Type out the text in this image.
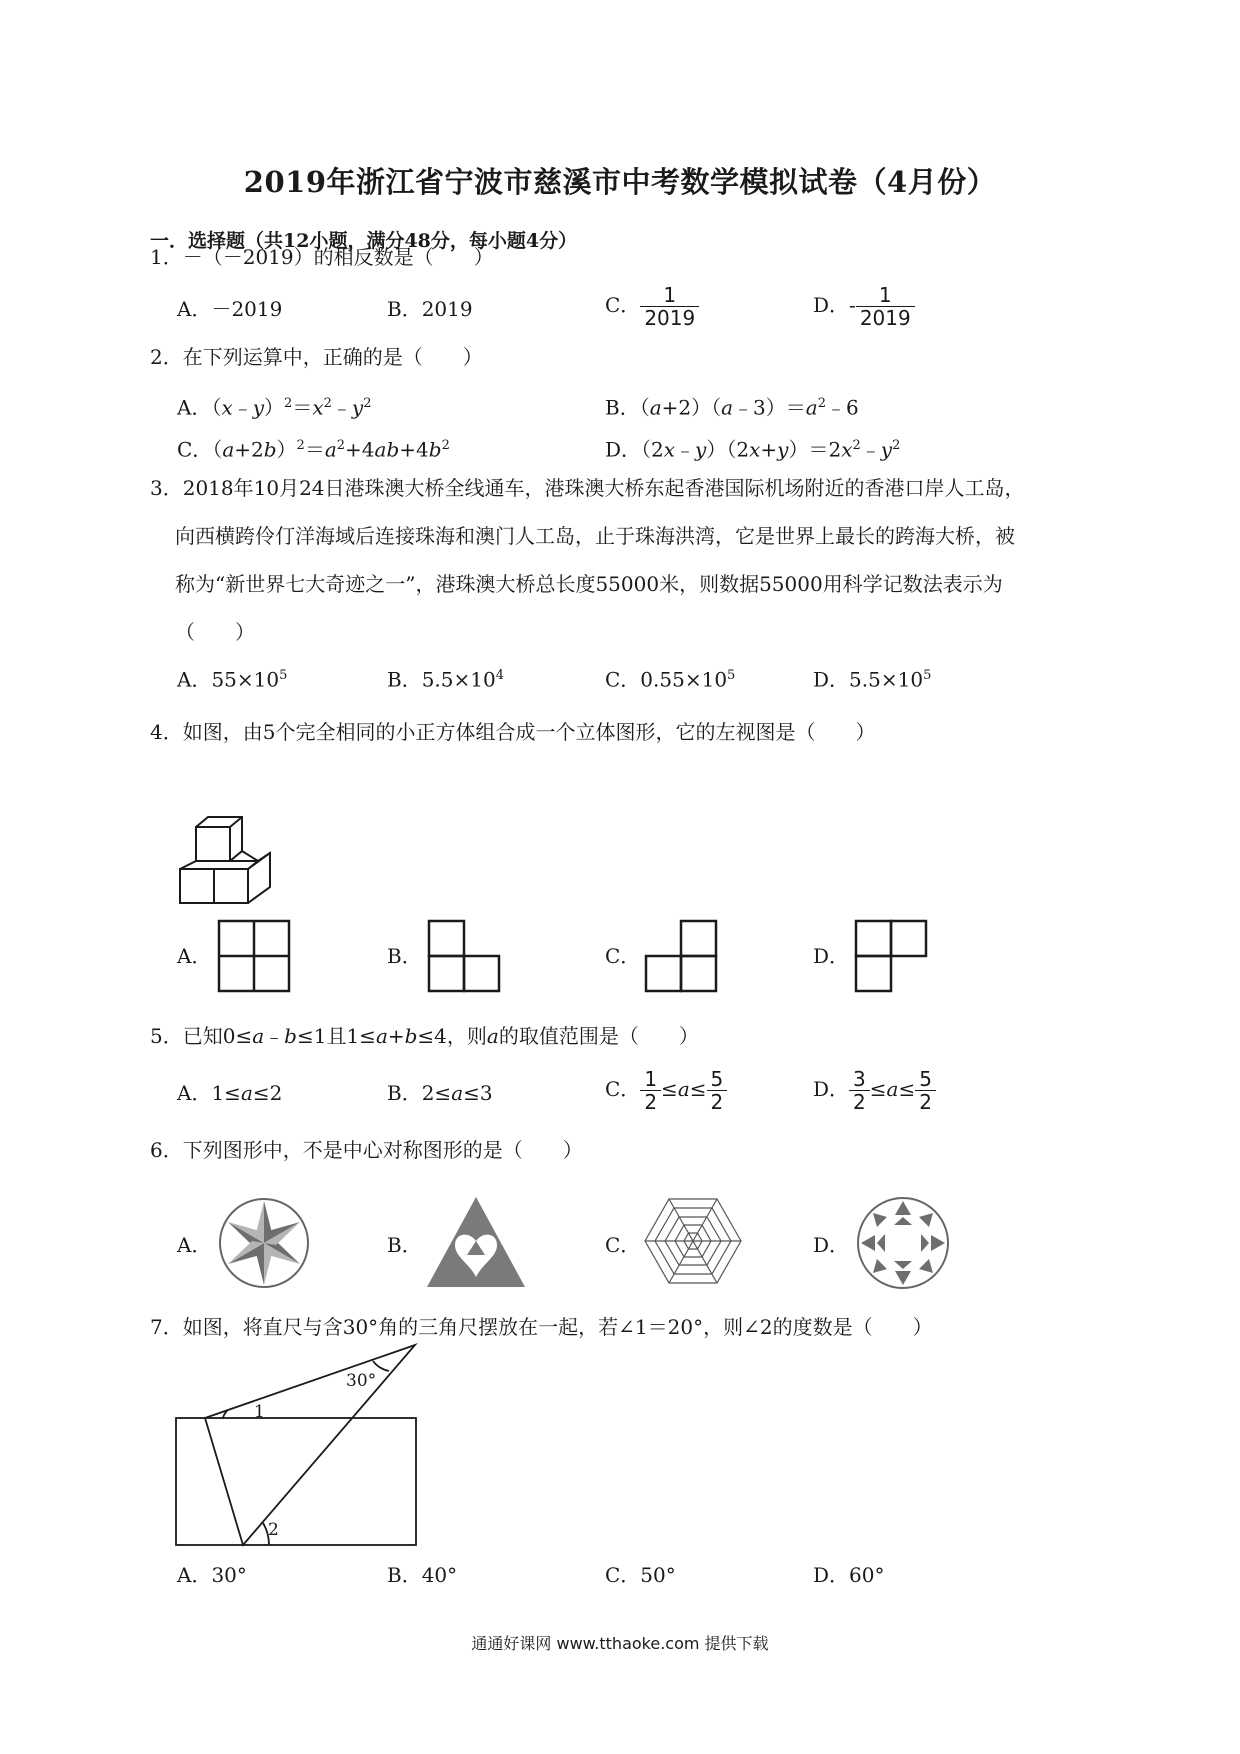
2019年浙江省宁波市慈溪市中考数学模拟试卷（4月份）
一．选择题（共12小题，满分48分，每小题4分）
1．－（－2019）的相反数是（　　）
A．－2019	B．2019	C． $\frac{1}{2019}$	D．- $\frac{1}{2019}$
2．在下列运算中，正确的是（　　）
A．$(x﹣y)^2=x^2﹣y^2$	B．$(a+2)(a﹣3)=a^2﹣6$
C．$(a+2b)^2=a^2+4ab+4b^2$	D．$(2x﹣y)(2x+y)=2x^2﹣y^2$
3．2018年10月24日港珠澳大桥全线通车，港珠澳大桥东起香港国际机场附近的香港口岸人工岛，
向西横跨伶仃洋海域后连接珠海和澳门人工岛，止于珠海洪湾，它是世界上最长的跨海大桥，被
称为“新世界七大奇迹之一”，港珠澳大桥总长度55000米，则数据55000用科学记数法表示为
（　　）
A．$55\times 10^5$	B．$5.5\times 10^4$	C．$0.55\times 10^5$	D．$5.5\times 10^5$
4．如图，由5个完全相同的小正方体组合成一个立体图形，它的左视图是（　　）
A．	B．	C．	D．
5．已知0≤a﹣b≤1且1≤a+b≤4，则a的取值范围是（　　）
A．1≤a≤2	B．2≤a≤3	C． $\frac{1}{2} \le a\le \frac{5}{2}$	D． $\frac{3}{2} \le a\le \frac{5}{2}$
6．下列图形中，不是中心对称图形的是（　　）
A．	B．	C．	D．
7．如图，将直尺与含30°角的三角尺摆放在一起，若∠1＝20°，则∠2的度数是（　　）
30°
1
2
A．30°	B．40°	C．50°	D．60°
通通好课网 www.tthaoke.com 提供下载
